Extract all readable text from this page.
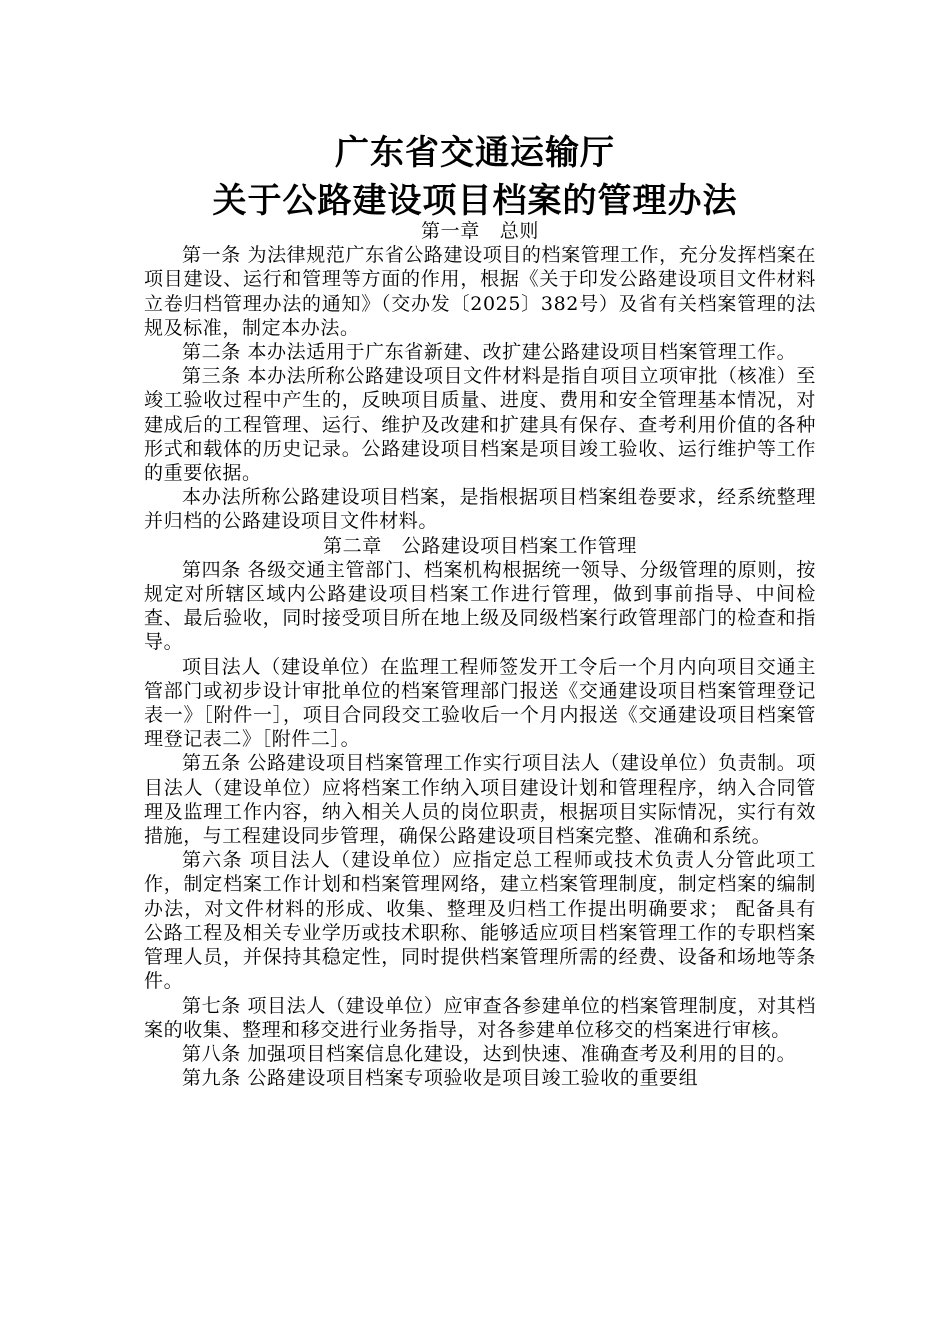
广东省交通运输厅
关于公路建设项目档案的管理办法

第一章   总则

第一条 为法律规范广东省公路建设项目的档案管理工作，充分发挥档案在项目建设、运行和管理等方面的作用，根据《关于印发公路建设项目文件材料立卷归档管理办法的通知》（交办发〔2025〕382号）及省有关档案管理的法规及标准，制定本办法。

第二条 本办法适用于广东省新建、改扩建公路建设项目档案管理工作。

第三条 本办法所称公路建设项目文件材料是指自项目立项审批（核准）至竣工验收过程中产生的，反映项目质量、进度、费用和安全管理基本情况，对建成后的工程管理、运行、维护及改建和扩建具有保存、查考利用价值的各种形式和载体的历史记录。公路建设项目档案是项目竣工验收、运行维护等工作的重要依据。

本办法所称公路建设项目档案，是指根据项目档案组卷要求，经系统整理并归档的公路建设项目文件材料。

第二章   公路建设项目档案工作管理

第四条 各级交通主管部门、档案机构根据统一领导、分级管理的原则，按规定对所辖区域内公路建设项目档案工作进行管理，做到事前指导、中间检查、最后验收，同时接受项目所在地上级及同级档案行政管理部门的检查和指导。

项目法人（建设单位）在监理工程师签发开工令后一个月内向项目交通主管部门或初步设计审批单位的档案管理部门报送《交通建设项目档案管理登记表一》［附件一］，项目合同段交工验收后一个月内报送《交通建设项目档案管理登记表二》［附件二］。

第五条 公路建设项目档案管理工作实行项目法人（建设单位）负责制。项目法人（建设单位）应将档案工作纳入项目建设计划和管理程序，纳入合同管理及监理工作内容，纳入相关人员的岗位职责，根据项目实际情况，实行有效措施，与工程建设同步管理，确保公路建设项目档案完整、准确和系统。

第六条 项目法人（建设单位）应指定总工程师或技术负责人分管此项工作，制定档案工作计划和档案管理网络，建立档案管理制度，制定档案的编制办法，对文件材料的形成、收集、整理及归档工作提出明确要求； 配备具有公路工程及相关专业学历或技术职称、能够适应项目档案管理工作的专职档案管理人员，并保持其稳定性，同时提供档案管理所需的经费、设备和场地等条件。

第七条 项目法人（建设单位）应审查各参建单位的档案管理制度，对其档案的收集、整理和移交进行业务指导，对各参建单位移交的档案进行审核。

第八条 加强项目档案信息化建设，达到快速、准确查考及利用的目的。

第九条 公路建设项目档案专项验收是项目竣工验收的重要组
